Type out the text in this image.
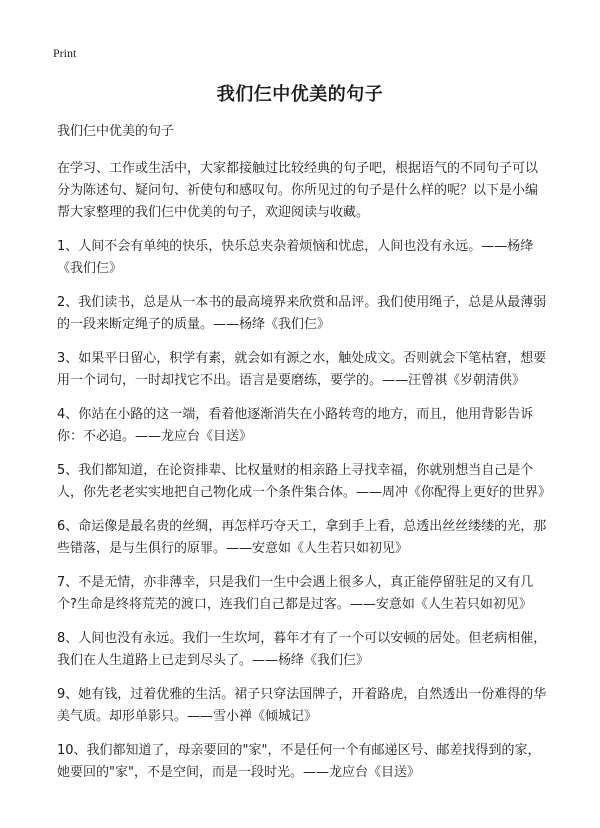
Print
我们仨中优美的句子

我们仨中优美的句子

在学习、工作或生活中，大家都接触过比较经典的句子吧，根据语气的不同句子可以分为陈述句、疑问句、祈使句和感叹句。你所见过的句子是什么样的呢？以下是小编帮大家整理的我们仨中优美的句子，欢迎阅读与收藏。

1、人间不会有单纯的快乐，快乐总夹杂着烦恼和忧虑，人间也没有永远。——杨绛《我们仨》
2、我们读书，总是从一本书的最高境界来欣赏和品评。我们使用绳子，总是从最薄弱的一段来断定绳子的质量。——杨绛《我们仨》
3、如果平日留心，积学有素，就会如有源之水，触处成文。否则就会下笔枯窘，想要用一个词句，一时却找它不出。语言是要磨练，要学的。——汪曾祺《岁朝清供》
4、你站在小路的这一端，看着他逐渐消失在小路转弯的地方，而且，他用背影告诉你：不必追。——龙应台《目送》
5、我们都知道，在论资排辈、比权量财的相亲路上寻找幸福，你就别想当自己是个人，你先老老实实地把自己物化成一个条件集合体。——周冲《你配得上更好的世界》
6、命运像是最名贵的丝绸，再怎样巧夺天工，拿到手上看，总透出丝丝缕缕的光，那些错落，是与生俱行的原罪。——安意如《人生若只如初见》
7、不是无情，亦非薄幸，只是我们一生中会遇上很多人，真正能停留驻足的又有几个?生命是终将荒芜的渡口，连我们自己都是过客。——安意如《人生若只如初见》
8、人间也没有永远。我们一生坎坷，暮年才有了一个可以安顿的居处。但老病相催，我们在人生道路上已走到尽头了。——杨绛《我们仨》
9、她有钱，过着优雅的生活。裙子只穿法国牌子，开着路虎，自然透出一份难得的华美气质。却形单影只。——雪小禅《倾城记》
10、我们都知道了，母亲要回的"家"，不是任何一个有邮递区号、邮差找得到的家，她要回的"家"，不是空间，而是一段时光。——龙应台《目送》
